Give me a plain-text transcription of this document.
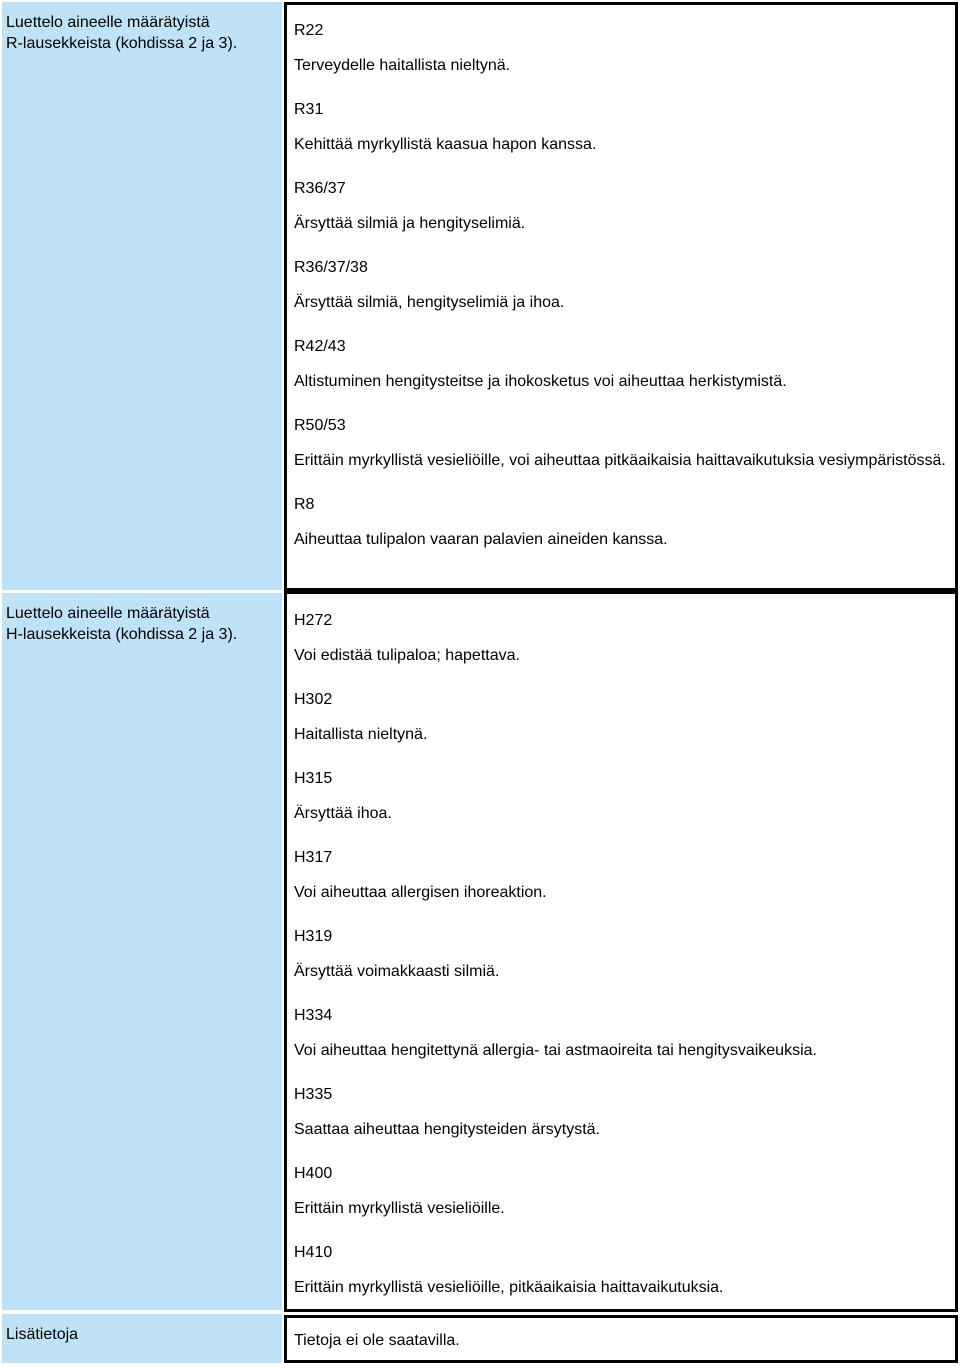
Luettelo aineelle määrätyistä
R-lausekkeista (kohdissa 2 ja 3).
R22
Terveydelle haitallista nieltynä.
R31
Kehittää myrkyllistä kaasua hapon kanssa.
R36/37
Ärsyttää silmiä ja hengityselimiä.
R36/37/38
Ärsyttää silmiä, hengityselimiä ja ihoa.
R42/43
Altistuminen hengitysteitse ja ihokosketus voi aiheuttaa herkistymistä.
R50/53
Erittäin myrkyllistä vesieliöille, voi aiheuttaa pitkäaikaisia haittavaikutuksia vesiympäristössä.
R8
Aiheuttaa tulipalon vaaran palavien aineiden kanssa.
Luettelo aineelle määrätyistä
H-lausekkeista (kohdissa 2 ja 3).
H272
Voi edistää tulipaloa; hapettava.
H302
Haitallista nieltynä.
H315
Ärsyttää ihoa.
H317
Voi aiheuttaa allergisen ihoreaktion.
H319
Ärsyttää voimakkaasti silmiä.
H334
Voi aiheuttaa hengitettynä allergia- tai astmaoireita tai hengitysvaikeuksia.
H335
Saattaa aiheuttaa hengitysteiden ärsytystä.
H400
Erittäin myrkyllistä vesieliöille.
H410
Erittäin myrkyllistä vesieliöille, pitkäaikaisia haittavaikutuksia.
Lisätietoja	Tietoja ei ole saatavilla.
